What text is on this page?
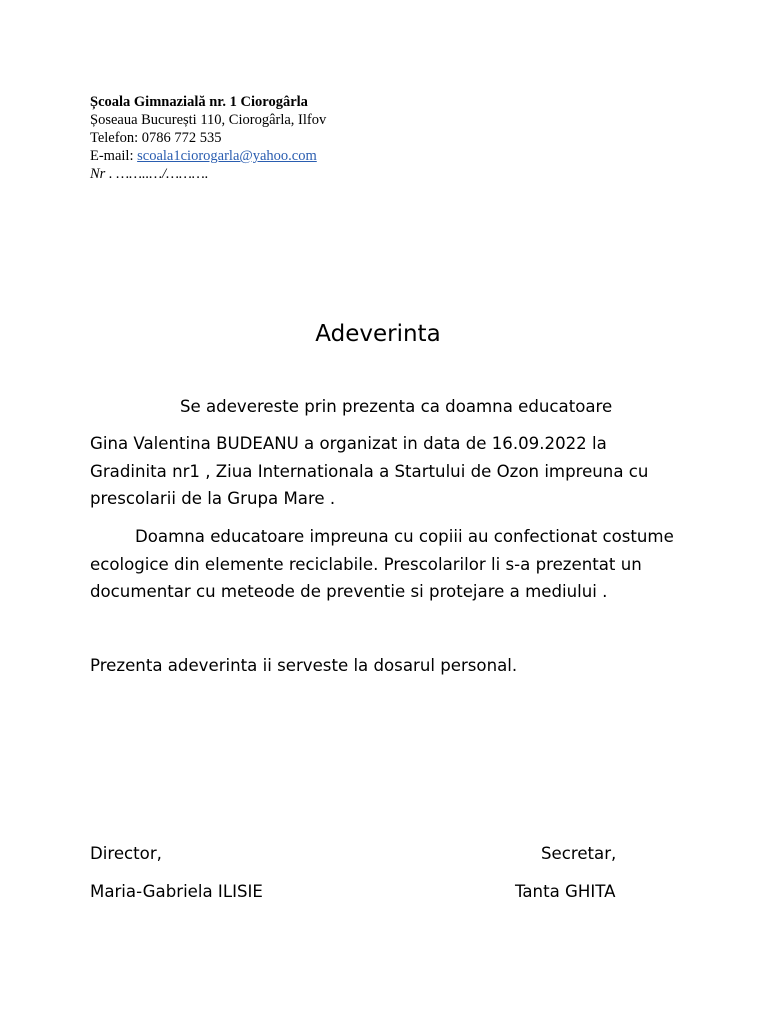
Școala Gimnazială nr. 1 Ciorogârla
Șoseaua București 110, Ciorogârla, Ilfov
Telefon: 0786 772 535
E-mail: scoala1ciorogarla@yahoo.com
Nr . ……..…/……….
Adeverinta
Se adevereste prin prezenta ca doamna educatoare
Gina Valentina BUDEANU a organizat in data de 16.09.2022 la
Gradinita nr1 , Ziua Internationala a Startului de Ozon impreuna cu
prescolarii de la Grupa Mare .
Doamna educatoare impreuna cu copiii au confectionat costume
ecologice din elemente reciclabile. Prescolarilor li s-a prezentat un
documentar cu meteode de preventie si protejare a mediului .
Prezenta adeverinta ii serveste la dosarul personal.
Director,
Maria-Gabriela ILISIE
Secretar,
Tanta GHITA
